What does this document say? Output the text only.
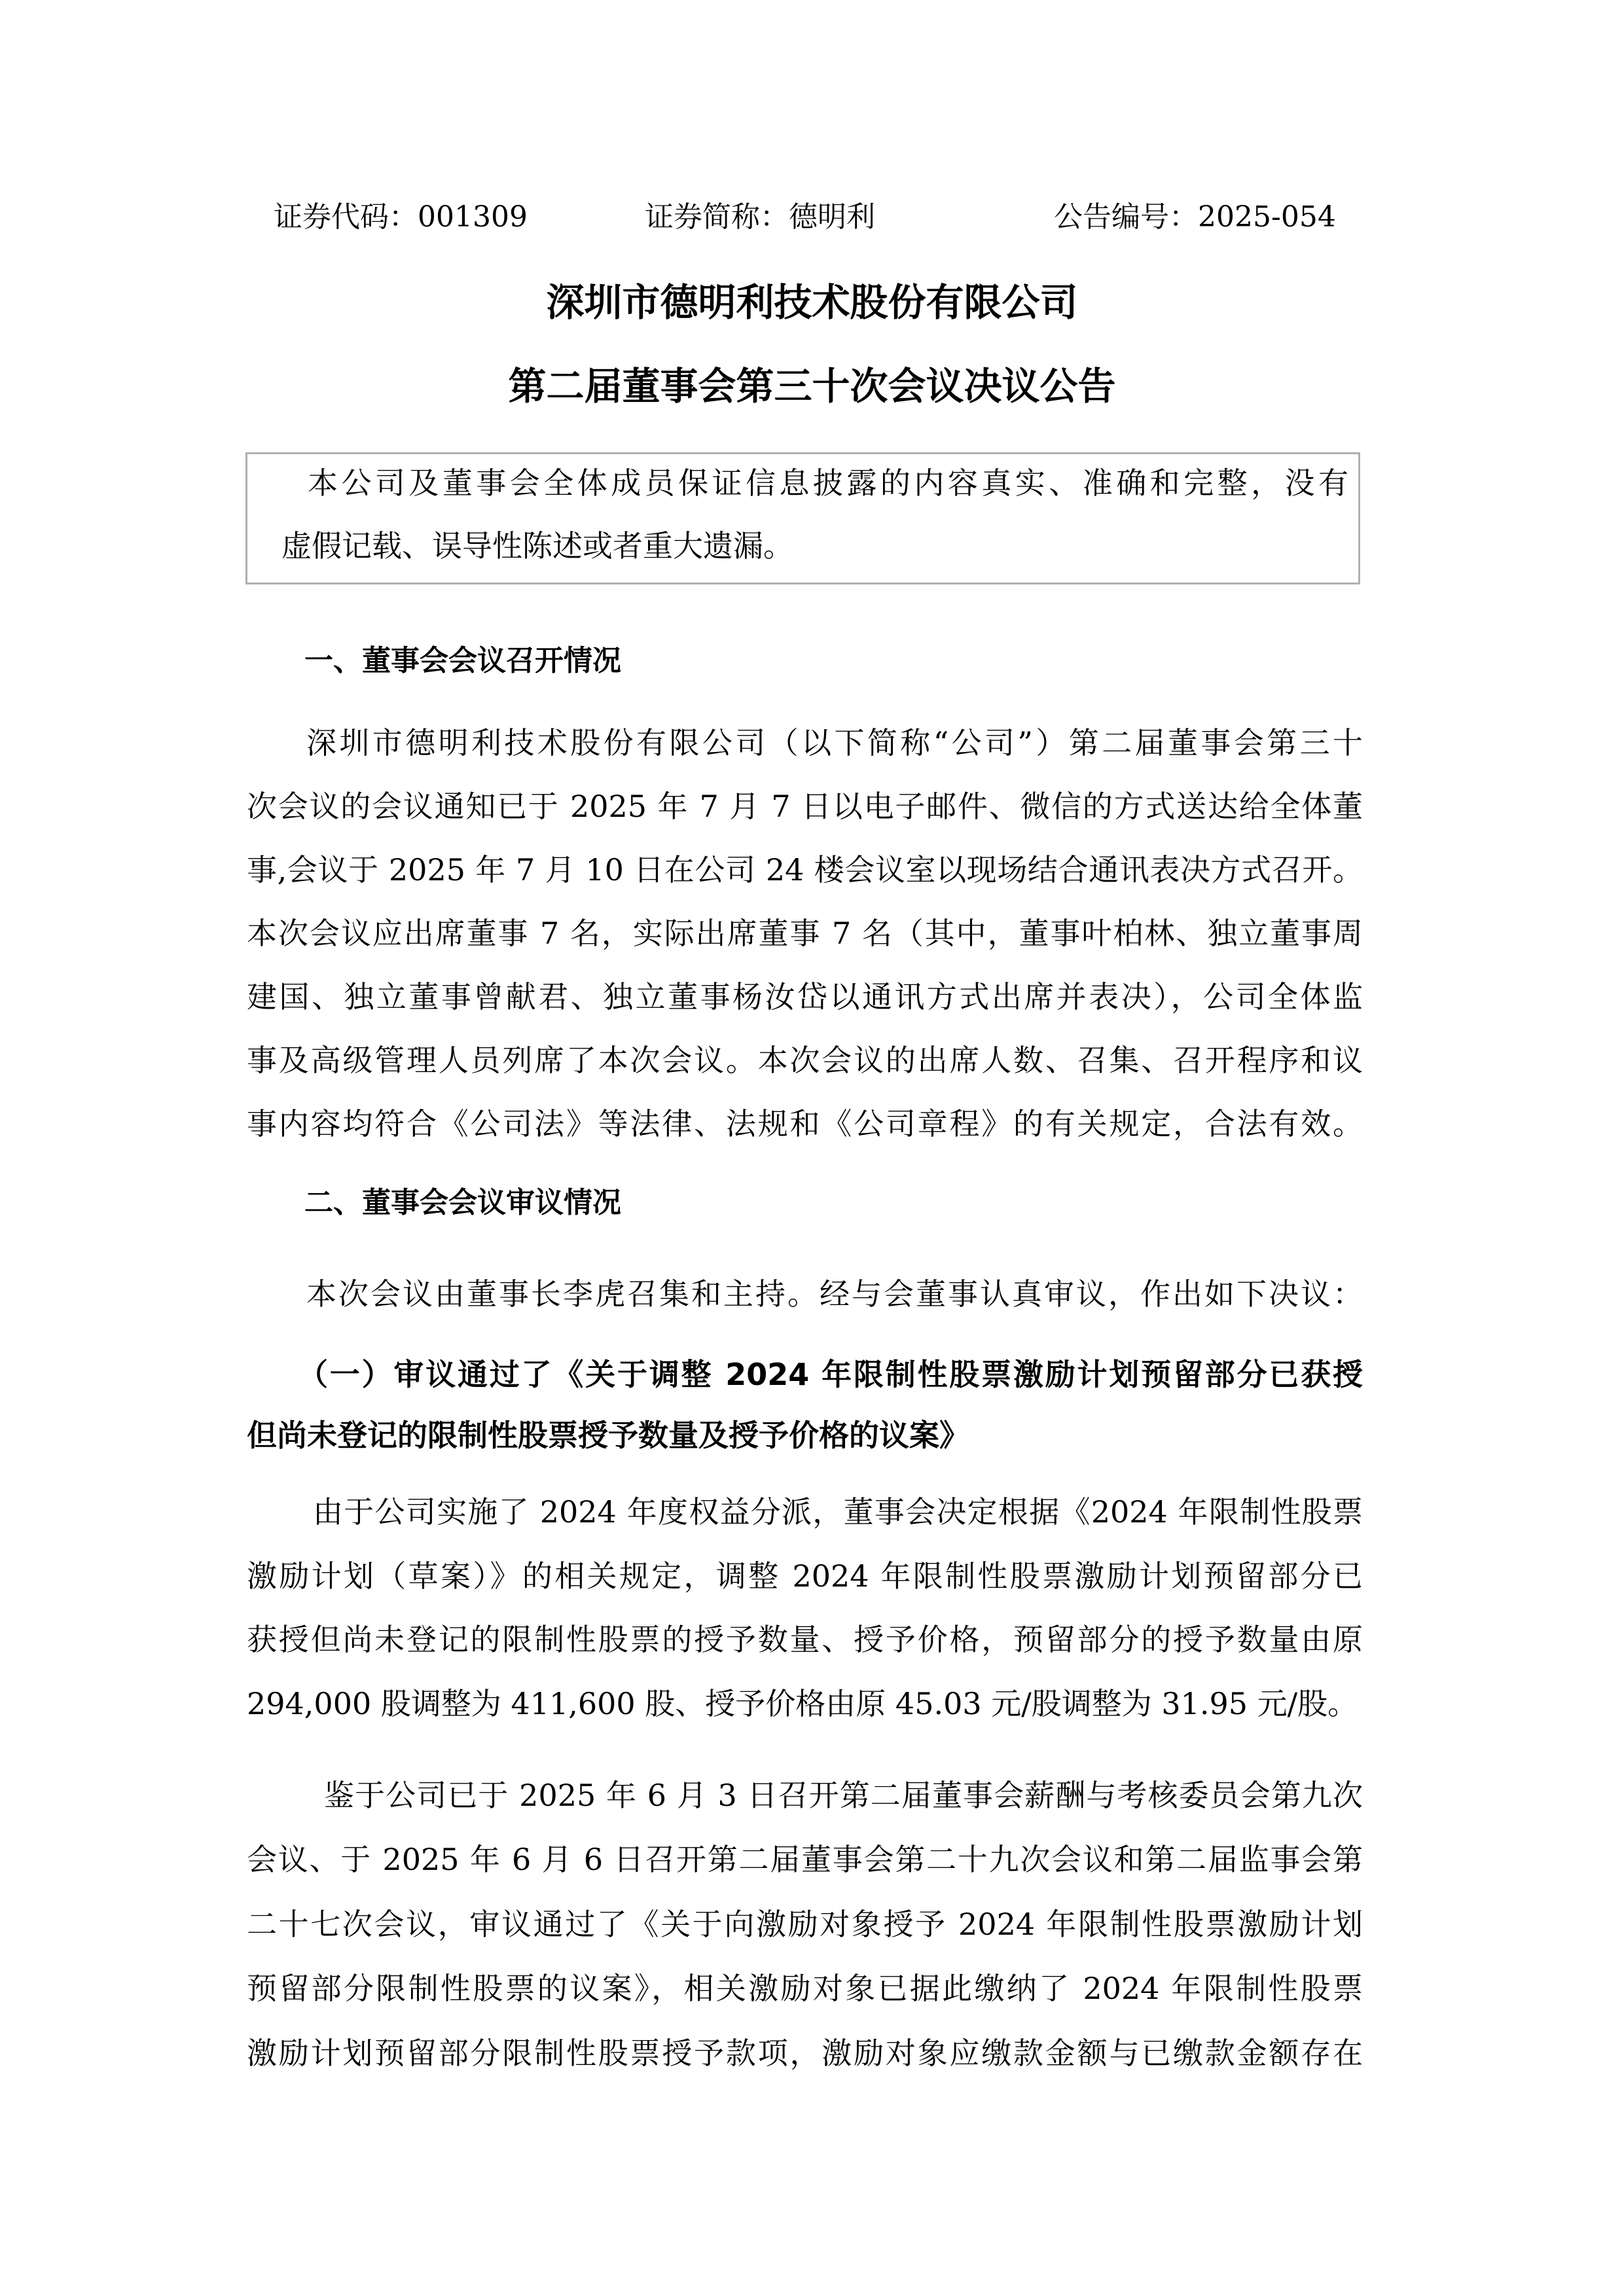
证券代码：001309	证券简称：德明利	公告编号：2025-054
深圳市德明利技术股份有限公司
第二届董事会第三十次会议决议公告
本公司及董事会全体成员保证信息披露的内容真实、准确和完整，没有
虚假记载、误导性陈述或者重大遗漏。
一、董事会会议召开情况
深圳市德明利技术股份有限公司（以下简称“公司”）第二届董事会第三十
次会议的会议通知已于 2025 年 7 月 7 日以电子邮件、微信的方式送达给全体董
事,会议于 2025 年 7 月 10 日在公司 24 楼会议室以现场结合通讯表决方式召开。
本次会议应出席董事 7 名，实际出席董事 7 名（其中，董事叶柏林、独立董事周
建国、独立董事曾献君、独立董事杨汝岱以通讯方式出席并表决），公司全体监
事及高级管理人员列席了本次会议。本次会议的出席人数、召集、召开程序和议
事内容均符合《公司法》等法律、法规和《公司章程》的有关规定，合法有效。
二、董事会会议审议情况
本次会议由董事长李虎召集和主持。经与会董事认真审议，作出如下决议：
（一）审议通过了《关于调整 2024 年限制性股票激励计划预留部分已获授
但尚未登记的限制性股票授予数量及授予价格的议案》
由于公司实施了 2024 年度权益分派，董事会决定根据《2024 年限制性股票
激励计划（草案）》的相关规定，调整 2024 年限制性股票激励计划预留部分已
获授但尚未登记的限制性股票的授予数量、授予价格，预留部分的授予数量由原
294,000 股调整为 411,600 股、授予价格由原 45.03 元/股调整为 31.95 元/股。
鉴于公司已于 2025 年 6 月 3 日召开第二届董事会薪酬与考核委员会第九次
会议、于 2025 年 6 月 6 日召开第二届董事会第二十九次会议和第二届监事会第
二十七次会议，审议通过了《关于向激励对象授予 2024 年限制性股票激励计划
预留部分限制性股票的议案》，相关激励对象已据此缴纳了 2024 年限制性股票
激励计划预留部分限制性股票授予款项，激励对象应缴款金额与已缴款金额存在
